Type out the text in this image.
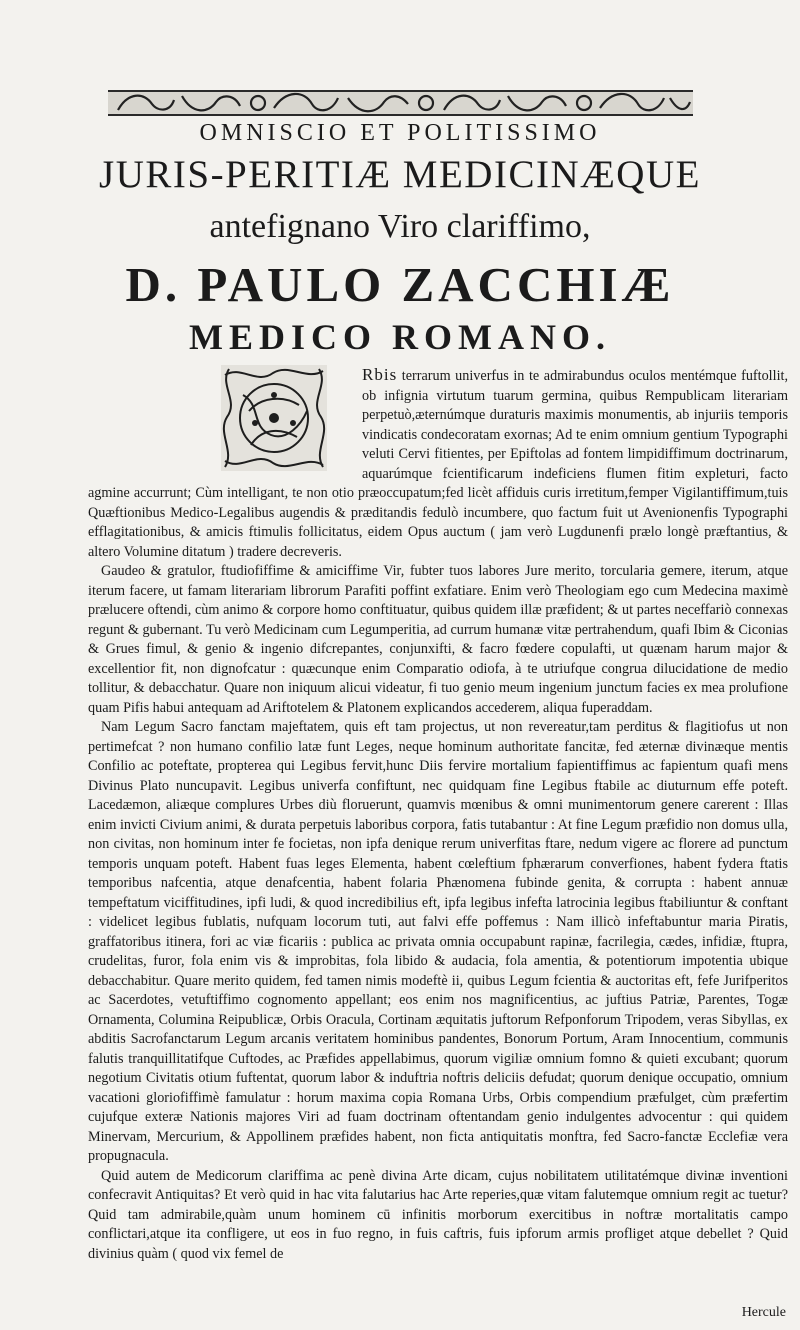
OMNISCIO ET POLITISSIMO
JURIS-PERITIÆ MEDICINÆQUE
antefignano Viro clariffimo,
D. PAULO ZACCHIÆ
MEDICO ROMANO.

Rbis terrarum univerfus in te admirabundus oculos mentémque fuftollit, ob infignia virtutum tuarum germina, quibus Rempublicam literariam perpetuò,æternúmque duraturis maximis monumentis, ab injuriis temporis vindicatis condecoratam exornas; Ad te enim omnium gentium Typographi veluti Cervi fitientes, per Epiftolas ad fontem limpidiffimum doctrinarum, aquarúmque fcientificarum indeficiens flumen fitim expleturi, facto agmine accurrunt; Cùm intelligant, te non otio præoccupatum;fed licèt affiduis curis irretitum,femper Vigilantiffimum,tuis Quæftionibus Medico-Legalibus augendis & præditandis fedulò incumbere, quo factum fuit ut Avenionenfis Typographi efflagitationibus, & amicis ftimulis follicitatus, eidem Opus auctum ( jam verò Lugdunenfi prælo longè præftantius, & altero Volumine ditatum ) tradere decreveris.

Gaudeo & gratulor, ftudiofiffime & amiciffime Vir, fubter tuos labores Jure merito, torcularia gemere, iterum, atque iterum facere, ut famam literariam librorum Parafiti poffint exfatiare. Enim verò Theologiam ego cum Medecina maximè prælucere oftendi, cùm animo & corpore homo conftituatur, quibus quidem illæ præfident; & ut partes neceffariò connexas regunt & gubernant. Tu verò Medicinam cum Legumperitia, ad currum humanæ vitæ pertrahendum, quafi Ibim & Ciconias & Grues fimul, & genio & ingenio difcrepantes, conjunxifti, & facro fœdere copulafti, ut quænam harum major & excellentior fit, non dignofcatur : quæcunque enim Comparatio odiofa, à te utriufque congrua dilucidatione de medio tollitur, & debacchatur. Quare non iniquum alicui videatur, fi tuo genio meum ingenium junctum facies ex mea prolufione quam Pifis habui antequam ad Ariftotelem & Platonem explicandos accederem, aliqua fuperaddam.

Nam Legum Sacro fanctam majeftatem, quis eft tam projectus, ut non revereatur,tam perditus & flagitiofus ut non pertimefcat ? non humano confilio latæ funt Leges, neque hominum authoritate fancitæ, fed æternæ divinæque mentis Confilio ac poteftate, propterea qui Legibus fervit,hunc Diis fervire mortalium fapientiffimus ac fapientum quafi mens Divinus Plato nuncupavit. Legibus univerfa confiftunt, nec quidquam fine Legibus ftabile ac diuturnum effe poteft. Lacedæmon, aliæque complures Urbes diù floruerunt, quamvis mœnibus & omni munimentorum genere carerent : Illas enim invicti Civium animi, & durata perpetuis laboribus corpora, fatis tutabantur : At fine Legum præfidio non domus ulla, non civitas, non hominum inter fe focietas, non ipfa denique rerum univerfitas ftare, nedum vigere ac florere ad punctum temporis unquam poteft. Habent fuas leges Elementa, habent cœleftium fphærarum converfiones, habent fydera ftatis temporibus nafcentia, atque denafcentia, habent folaria Phænomena fubinde genita, & corrupta : habent annuæ tempeftatum viciffitudines, ipfi ludi, & quod incredibilius eft, ipfa legibus infefta latrocinia legibus ftabiliuntur & conftant : videlicet legibus fublatis, nufquam locorum tuti, aut falvi effe poffemus : Nam illicò infeftabuntur maria Piratis, graffatoribus itinera, fori ac viæ ficariis : publica ac privata omnia occupabunt rapinæ, facrilegia, cædes, infidiæ, ftupra, crudelitas, furor, fola enim vis & improbitas, fola libido & audacia, fola amentia, & potentiorum impotentia ubique debacchabitur. Quare merito quidem, fed tamen nimis modeftè ii, quibus Legum fcientia & auctoritas eft, fefe Jurifperitos ac Sacerdotes, vetuftiffimo cognomento appellant; eos enim nos magnificentius, ac juftius Patriæ, Parentes, Togæ Ornamenta, Columina Reipublicæ, Orbis Oracula, Cortinam æquitatis juftorum Refponforum Tripodem, veras Sibyllas, ex abditis Sacrofanctarum Legum arcanis veritatem hominibus pandentes, Bonorum Portum, Aram Innocentium, communis falutis tranquillitatifque Cuftodes, ac Præfides appellabimus, quorum vigiliæ omnium fomno & quieti excubant; quorum negotium Civitatis otium fuftentat, quorum labor & induftria noftris deliciis defudat; quorum denique occupatio, omnium vacationi gloriofiffimè famulatur : horum maxima copia Romana Urbs, Orbis compendium præfulget, cùm præfertim cujufque exteræ Nationis majores Viri ad fuam doctrinam oftentandam genio indulgentes advocentur : qui quidem Minervam, Mercurium, & Appollinem præfides habent, non ficta antiquitatis monftra, fed Sacro-fanctæ Ecclefiæ vera propugnacula.

Quid autem de Medicorum clariffima ac penè divina Arte dicam, cujus nobilitatem utilitatémque divinæ inventioni confecravit Antiquitas? Et verò quid in hac vita falutarius hac Arte reperies,quæ vitam falutemque omnium regit ac tuetur?Quid tam admirabile,quàm unum hominem cū infinitis morborum exercitibus in noftræ mortalitatis campo conflictari,atque ita confligere, ut eos in fuo regno, in fuis caftris, fuis ipforum armis profliget atque debellet ? Quid divinius quàm ( quod vix femel de

Hercule
